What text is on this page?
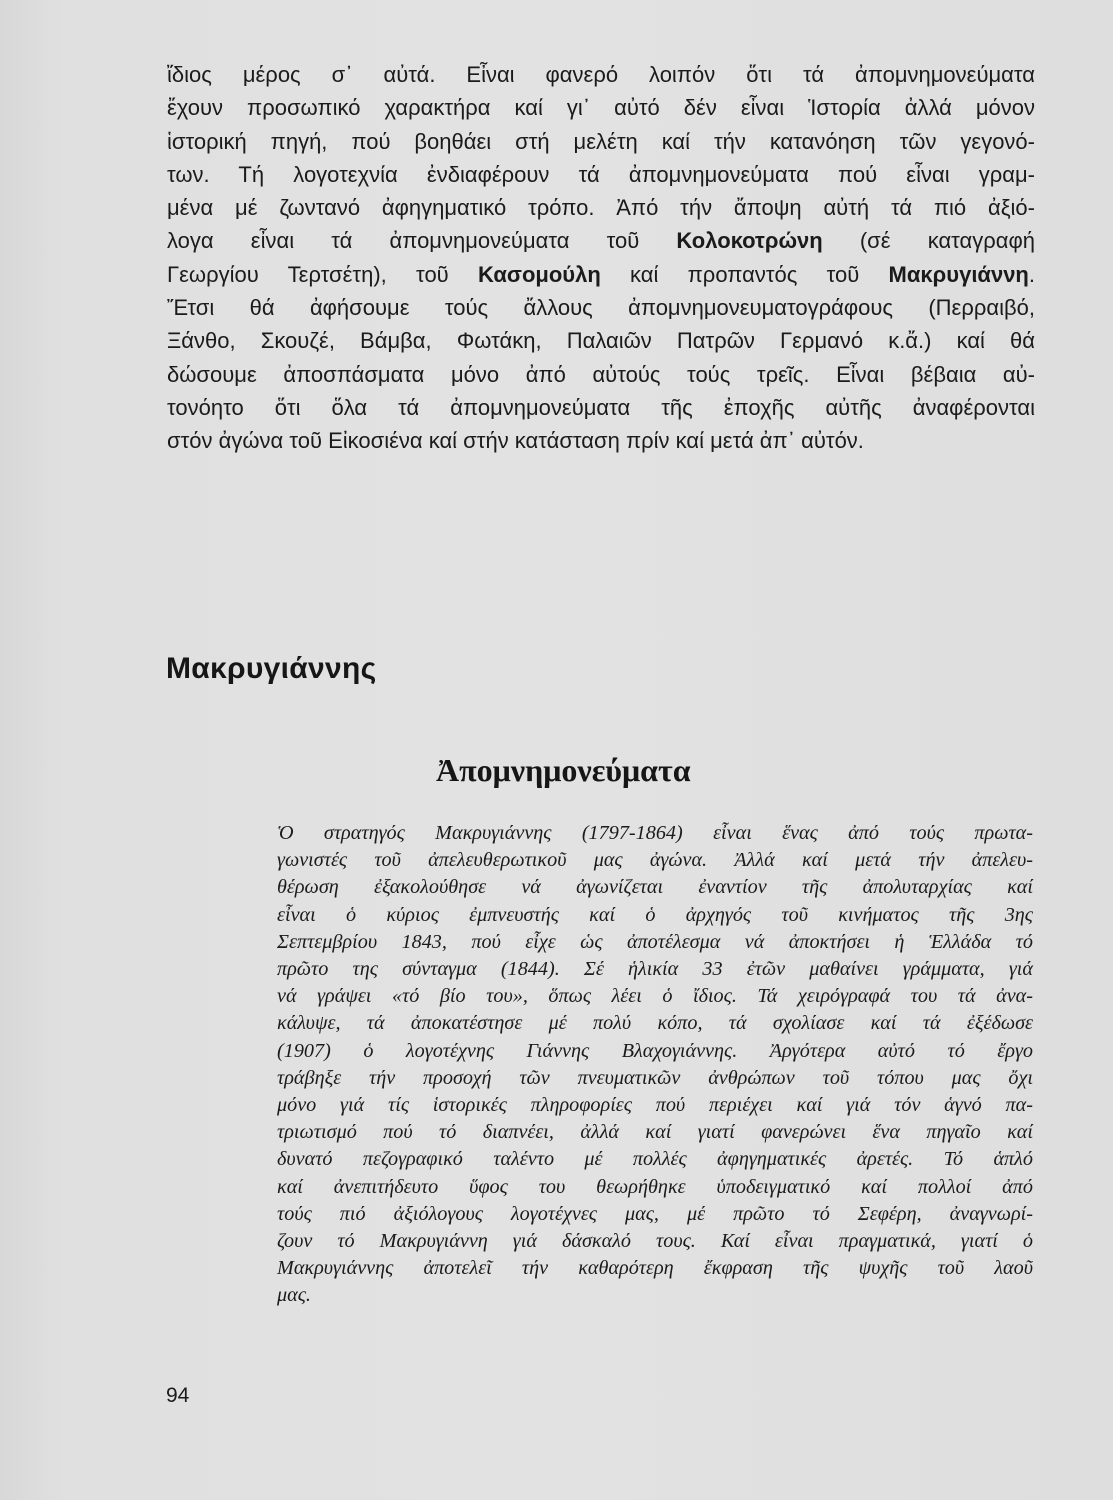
ἴδιος μέρος σ᾽ αὐτά. Εἶναι φανερό λοιπόν ὅτι τά ἀπομνημονεύματα
ἔχουν προσωπικό χαρακτήρα καί γι᾽ αὐτό δέν εἶναι Ἱστορία ἀλλά μόνον
ἱστορική πηγή, πού βοηθάει στή μελέτη καί τήν κατανόηση τῶν γεγονό-
των. Τή λογοτεχνία ἐνδιαφέρουν τά ἀπομνημονεύματα πού εἶναι γραμ-
μένα μέ ζωντανό ἀφηγηματικό τρόπο. Ἀπό τήν ἄποψη αὐτή τά πιό ἀξιό-
λογα εἶναι τά ἀπομνημονεύματα τοῦ Κολοκοτρώνη (σέ καταγραφή
Γεωργίου Τερτσέτη), τοῦ Κασομούλη καί προπαντός τοῦ Μακρυγιάννη.
Ἔτσι θά ἀφήσουμε τούς ἄλλους ἀπομνημονευματογράφους (Περραιβό,
Ξάνθο, Σκουζέ, Βάμβα, Φωτάκη, Παλαιῶν Πατρῶν Γερμανό κ.ἄ.) καί θά
δώσουμε ἀποσπάσματα μόνο ἀπό αὐτούς τούς τρεῖς. Εἶναι βέβαια αὐ-
τονόητο ὅτι ὅλα τά ἀπομνημονεύματα τῆς ἐποχῆς αὐτῆς ἀναφέρονται
στόν ἀγώνα τοῦ Εἰκοσιένα καί στήν κατάσταση πρίν καί μετά ἀπ᾽ αὐτόν.
Μακρυγιάννης
Ἀπομνημονεύματα
Ὁ στρατηγός Μακρυγιάννης (1797-1864) εἶναι ἕνας ἀπό τούς πρωτα-
γωνιστές τοῦ ἀπελευθερωτικοῦ μας ἀγώνα. Ἀλλά καί μετά τήν ἀπελευ-
θέρωση ἐξακολούθησε νά ἀγωνίζεται ἐναντίον τῆς ἀπολυταρχίας καί
εἶναι ὁ κύριος ἐμπνευστής καί ὁ ἀρχηγός τοῦ κινήματος τῆς 3ης
Σεπτεμβρίου 1843, πού εἶχε ὡς ἀποτέλεσμα νά ἀποκτήσει ἡ Ἑλλάδα τό
πρῶτο της σύνταγμα (1844). Σέ ἡλικία 33 ἐτῶν μαθαίνει γράμματα, γιά
νά γράψει «τό βίο του», ὅπως λέει ὁ ἴδιος. Τά χειρόγραφά του τά ἀνα-
κάλυψε, τά ἀποκατέστησε μέ πολύ κόπο, τά σχολίασε καί τά ἐξέδωσε
(1907) ὁ λογοτέχνης Γιάννης Βλαχογιάννης. Ἀργότερα αὐτό τό ἔργο
τράβηξε τήν προσοχή τῶν πνευματικῶν ἀνθρώπων τοῦ τόπου μας ὄχι
μόνο γιά τίς ἱστορικές πληροφορίες πού περιέχει καί γιά τόν ἁγνό πα-
τριωτισμό πού τό διαπνέει, ἀλλά καί γιατί φανερώνει ἕνα πηγαῖο καί
δυνατό πεζογραφικό ταλέντο μέ πολλές ἀφηγηματικές ἀρετές. Τό ἁπλό
καί ἀνεπιτήδευτο ὕφος του θεωρήθηκε ὑποδειγματικό καί πολλοί ἀπό
τούς πιό ἀξιόλογους λογοτέχνες μας, μέ πρῶτο τό Σεφέρη, ἀναγνωρί-
ζουν τό Μακρυγιάννη γιά δάσκαλό τους. Καί εἶναι πραγματικά, γιατί ὁ
Μακρυγιάννης ἀποτελεῖ τήν καθαρότερη ἔκφραση τῆς ψυχῆς τοῦ λαοῦ
μας.
94
